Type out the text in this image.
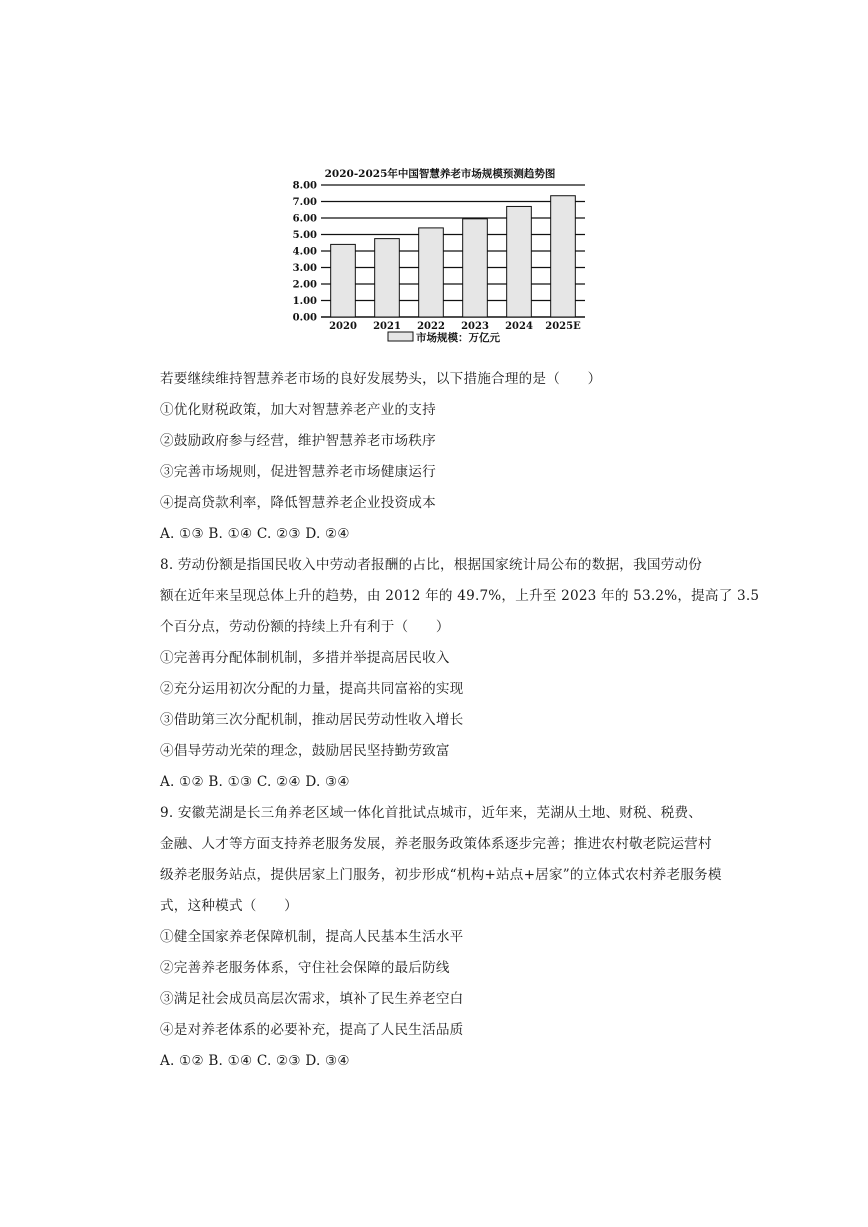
2020-2025年中国智慧养老市场规模预测趋势图
0.00
1.00
2.00
3.00
4.00
5.00
6.00
7.00
8.00
2020 2021 2022 2023 2024 2025E
市场规模：万亿元
若要继续维持智慧养老市场的良好发展势头，以下措施合理的是（　　）
①优化财税政策，加大对智慧养老产业的支持
②鼓励政府参与经营，维护智慧养老市场秩序
③完善市场规则，促进智慧养老市场健康运行
④提高贷款利率，降低智慧养老企业投资成本
A. ①③ B. ①④ C. ②③ D. ②④
8. 劳动份额是指国民收入中劳动者报酬的占比，根据国家统计局公布的数据，我国劳动份
额在近年来呈现总体上升的趋势，由 2012 年的 49.7%，上升至 2023 年的 53.2%，提高了 3.5
个百分点，劳动份额的持续上升有利于（　　）
①完善再分配体制机制，多措并举提高居民收入
②充分运用初次分配的力量，提高共同富裕的实现
③借助第三次分配机制，推动居民劳动性收入增长
④倡导劳动光荣的理念，鼓励居民坚持勤劳致富
A. ①② B. ①③ C. ②④ D. ③④
9. 安徽芜湖是长三角养老区域一体化首批试点城市，近年来，芜湖从土地、财税、税费、
金融、人才等方面支持养老服务发展，养老服务政策体系逐步完善；推进农村敬老院运营村
级养老服务站点，提供居家上门服务，初步形成“机构+站点+居家”的立体式农村养老服务模
式，这种模式（　　）
①健全国家养老保障机制，提高人民基本生活水平
②完善养老服务体系，守住社会保障的最后防线
③满足社会成员高层次需求，填补了民生养老空白
④是对养老体系的必要补充，提高了人民生活品质
A. ①② B. ①④ C. ②③ D. ③④
